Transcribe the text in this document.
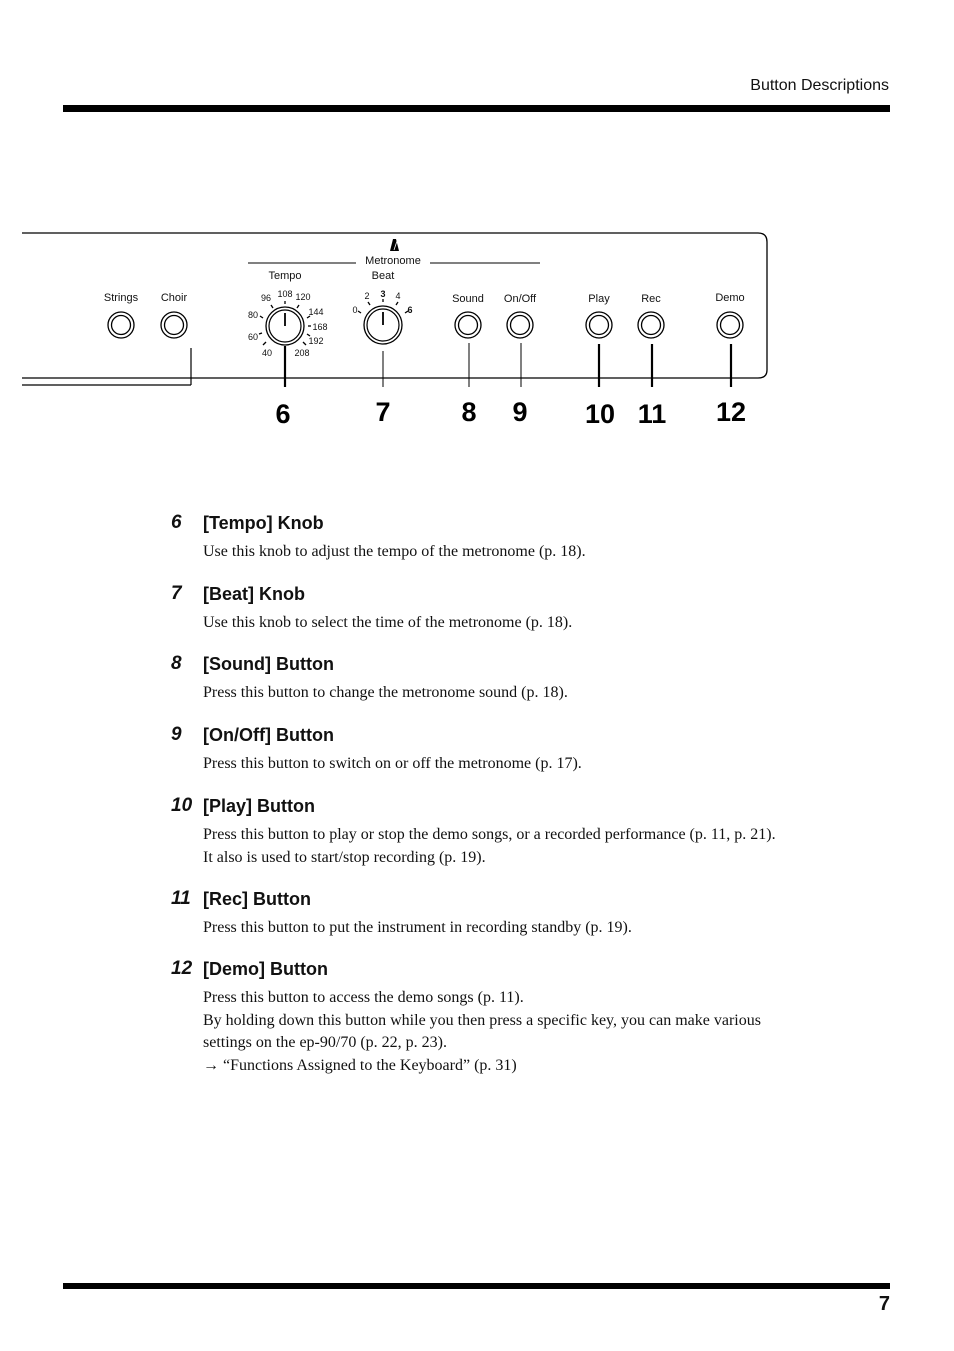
Button Descriptions
Metronome
Tempo	Beat
Strings Choir	Sound On/Off	Play	Rec	Demo
40
60
80
96 108 120
144
168
192
208
0
2 3 4
6
6	7	8 9 10 11 12
6 [Tempo] Knob
Use this knob to adjust the tempo of the metronome (p. 18).
7 [Beat] Knob
Use this knob to select the time of the metronome (p. 18).
8 [Sound] Button
Press this button to change the metronome sound (p. 18).
9 [On/Off] Button
Press this button to switch on or off the metronome (p. 17).
10 [Play] Button
Press this button to play or stop the demo songs, or a recorded performance (p. 11, p. 21).
It also is used to start/stop recording (p. 19).
11 [Rec] Button
Press this button to put the instrument in recording standby (p. 19).
12 [Demo] Button
Press this button to access the demo songs (p. 11).
By holding down this button while you then press a specific key, you can make various
settings on the ep-90/70 (p. 22, p. 23).
→ “Functions Assigned to the Keyboard” (p. 31)
7
